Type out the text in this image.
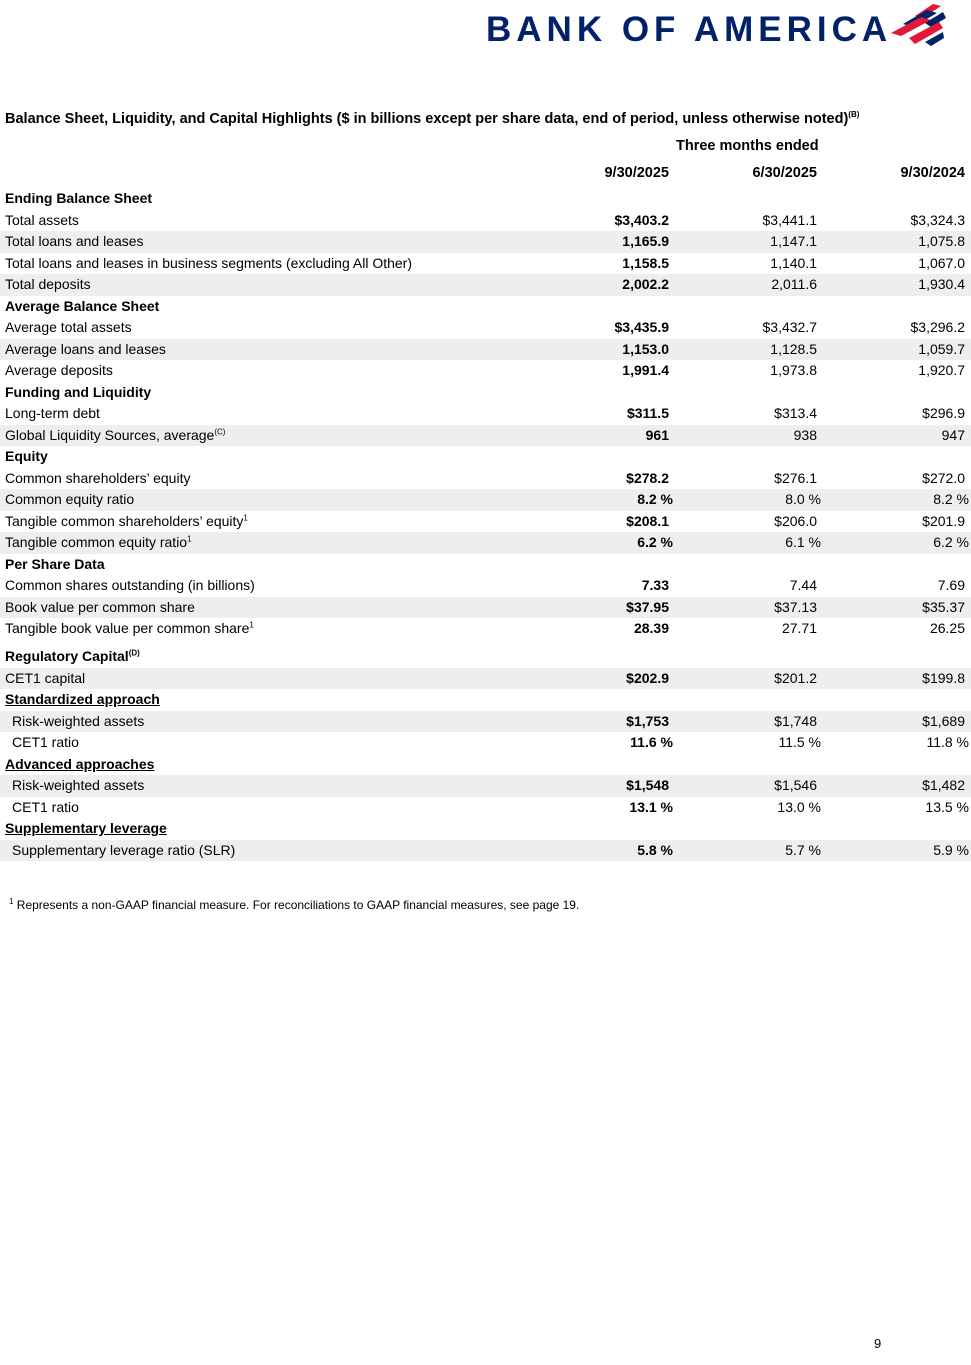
BANK OF AMERICA
Balance Sheet, Liquidity, and Capital Highlights ($ in billions except per share data, end of period, unless otherwise noted)$^{(B)}$
Three months ended
9/30/2025	6/30/2025	9/30/2024
Ending Balance Sheet
Total assets	$3,403.2	$3,441.1	$3,324.3
Total loans and leases	1,165.9	1,147.1	1,075.8
Total loans and leases in business segments (excluding All Other)	1,158.5	1,140.1	1,067.0
Total deposits	2,002.2	2,011.6	1,930.4
Average Balance Sheet
Average total assets	$3,435.9	$3,432.7	$3,296.2
Average loans and leases	1,153.0	1,128.5	1,059.7
Average deposits	1,991.4	1,973.8	1,920.7
Funding and Liquidity
Long-term debt	$311.5	$313.4	$296.9
Global Liquidity Sources, average$^{(C)}$	961	938	947
Equity
Common shareholders’ equity	$278.2	$276.1	$272.0
Common equity ratio	8.2 %	8.0 %	8.2 %
Tangible common shareholders’ equity$^1$	$208.1	$206.0	$201.9
Tangible common equity ratio$^1$	6.2 %	6.1 %	6.2 %
Per Share Data
Common shares outstanding (in billions)	7.33	7.44	7.69
Book value per common share	$37.95	$37.13	$35.37
Tangible book value per common share$^1$	28.39	27.71	26.25
Regulatory Capital$^{(D)}$
CET1 capital	$202.9	$201.2	$199.8
Standardized approach
Risk-weighted assets	$1,753	$1,748	$1,689
CET1 ratio	11.6 %	11.5 %	11.8 %
Advanced approaches
Risk-weighted assets	$1,548	$1,546	$1,482
CET1 ratio	13.1 %	13.0 %	13.5 %
Supplementary leverage
Supplementary leverage ratio (SLR)	5.8 %	5.7 %	5.9 %
$^1$ Represents a non-GAAP financial measure. For reconciliations to GAAP financial measures, see page 19.
9
